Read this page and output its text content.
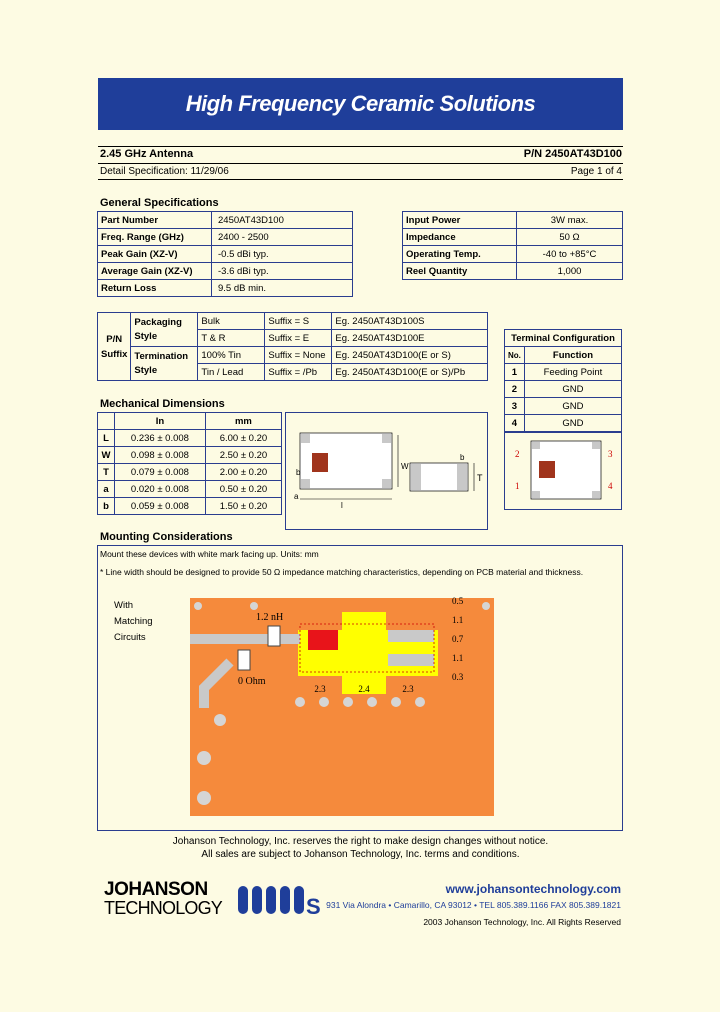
High Frequency Ceramic Solutions
2.45 GHz Antenna	P/N 2450AT43D100
Detail Specification: 11/29/06	Page 1 of 4
General Specifications
Part Number	2450AT43D100
Freq. Range (GHz)	2400 - 2500
Peak Gain (XZ-V)	-0.5 dBi typ.
Average Gain (XZ-V)	-3.6 dBi typ.
Return Loss	9.5 dB min.
Input Power	3W max.
Impedance	50 Ω
Operating Temp.	-40 to +85°C
Reel Quantity	1,000
P/N Suffix	Packaging Style	Bulk	Suffix = S	Eg. 2450AT43D100S
		T & R	Suffix = E	Eg. 2450AT43D100E
	Termination Style	100% Tin	Suffix = None	Eg. 2450AT43D100(E or S)
		Tin / Lead	Suffix = /Pb	Eg. 2450AT43D100(E or S)/Pb
Terminal Configuration	
No.	Function
1	Feeding Point
2	GND
3	GND
4	GND
2	3
1	4
Mechanical Dimensions
	In	mm
L	0.236 ± 0.008	6.00 ± 0.20
W	0.098 ± 0.008	2.50 ± 0.20
T	0.079 ± 0.008	2.00 ± 0.20
a	0.020 ± 0.008	0.50 ± 0.20
b	0.059 ± 0.008	1.50 ± 0.20
W
l
b
a
T
b
Mounting Considerations
Mount these devices with white mark facing up. Units: mm
* Line width should be designed to provide 50 Ω impedance matching characteristics, depending on PCB material and thickness.
With Matching Circuits
1.2 nH
0 Ohm
0.5
1.1
0.7
1.1
0.3
2.3	2.4	2.3
Johanson Technology, Inc. reserves the right to make design changes without notice.
All sales are subject to Johanson Technology, Inc. terms and conditions.
JOHANSON
TECHNOLOGY	S
www.johansontechnology.com
931 Via Alondra • Camarillo, CA 93012 • TEL 805.389.1166 FAX 805.389.1821
2003 Johanson Technology, Inc. All Rights Reserved
